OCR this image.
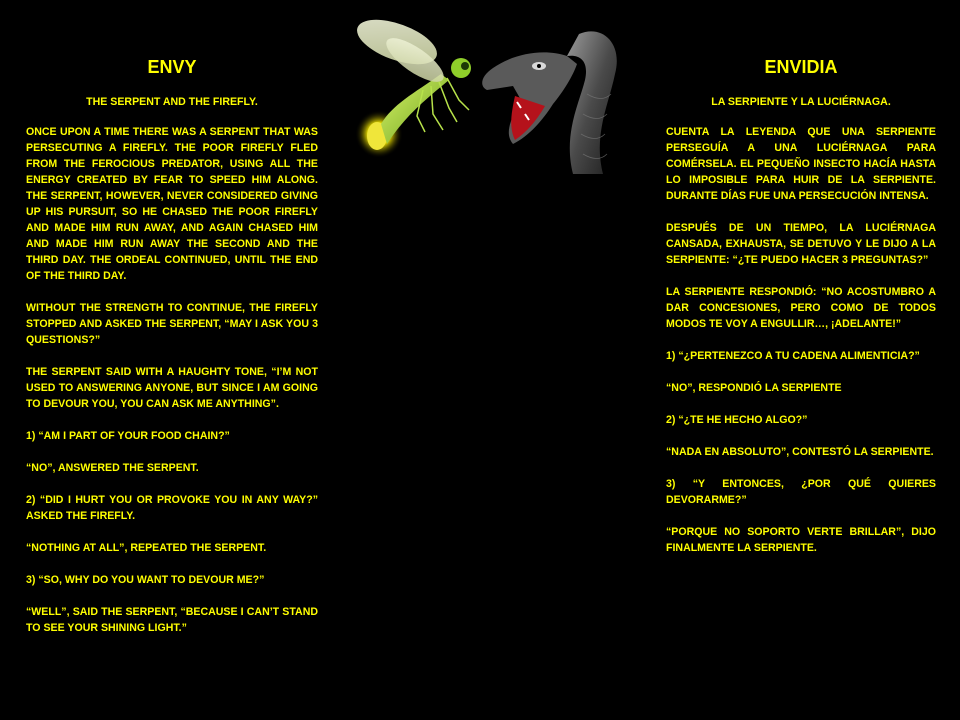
ENVY
THE SERPENT AND THE FIREFLY.
ONCE UPON A TIME THERE WAS A SERPENT THAT WAS PERSECUTING A FIREFLY. THE POOR FIREFLY FLED FROM THE FEROCIOUS PREDATOR, USING ALL THE ENERGY CREATED BY FEAR TO SPEED HIM ALONG. THE SERPENT, HOWEVER, NEVER CONSIDERED GIVING UP HIS PURSUIT, SO HE CHASED THE POOR FIREFLY AND MADE HIM RUN AWAY, AND AGAIN CHASED HIM AND MADE HIM RUN AWAY THE SECOND AND THE THIRD DAY. THE ORDEAL CONTINUED, UNTIL THE END OF THE THIRD DAY.
WITHOUT THE STRENGTH TO CONTINUE, THE FIREFLY STOPPED AND ASKED THE SERPENT, “MAY I ASK YOU 3 QUESTIONS?”
THE SERPENT SAID WITH A HAUGHTY TONE, “I’M NOT USED TO ANSWERING ANYONE, BUT SINCE I AM GOING TO DEVOUR YOU, YOU CAN ASK ME ANYTHING”.
1) “AM I PART OF YOUR FOOD CHAIN?”
“NO”, ANSWERED THE SERPENT.
2) “DID I HURT YOU OR PROVOKE YOU IN ANY WAY?” ASKED THE FIREFLY.
“NOTHING AT ALL”, REPEATED THE SERPENT.
3) “SO, WHY DO YOU WANT TO DEVOUR ME?”
“WELL”, SAID THE SERPENT, “BECAUSE I CAN’T STAND TO SEE YOUR SHINING LIGHT.”
ENVIDIA
LA SERPIENTE Y LA LUCIÉRNAGA.
CUENTA LA LEYENDA QUE UNA SERPIENTE PERSEGUÍA A UNA LUCIÉRNAGA PARA COMÉRSELA. EL PEQUEÑO INSECTO HACÍA HASTA LO IMPOSIBLE PARA HUIR DE LA SERPIENTE. DURANTE DÍAS FUE UNA PERSECUCIÓN INTENSA.
DESPUÉS DE UN TIEMPO, LA LUCIÉRNAGA CANSADA, EXHAUSTA, SE DETUVO Y LE DIJO A LA SERPIENTE: “¿TE PUEDO HACER 3 PREGUNTAS?”
LA SERPIENTE RESPONDIÓ: “NO ACOSTUMBRO A DAR CONCESIONES, PERO COMO DE TODOS MODOS TE VOY A ENGULLIR…, ¡ADELANTE!”
1) “¿PERTENEZCO A TU CADENA ALIMENTICIA?”
“NO”, RESPONDIÓ LA SERPIENTE
2) “¿TE HE HECHO ALGO?”
“NADA EN ABSOLUTO”, CONTESTÓ LA SERPIENTE.
3) “Y ENTONCES, ¿POR QUÉ QUIERES DEVORARME?”
“PORQUE NO SOPORTO VERTE BRILLAR”, DIJO FINALMENTE LA SERPIENTE.
